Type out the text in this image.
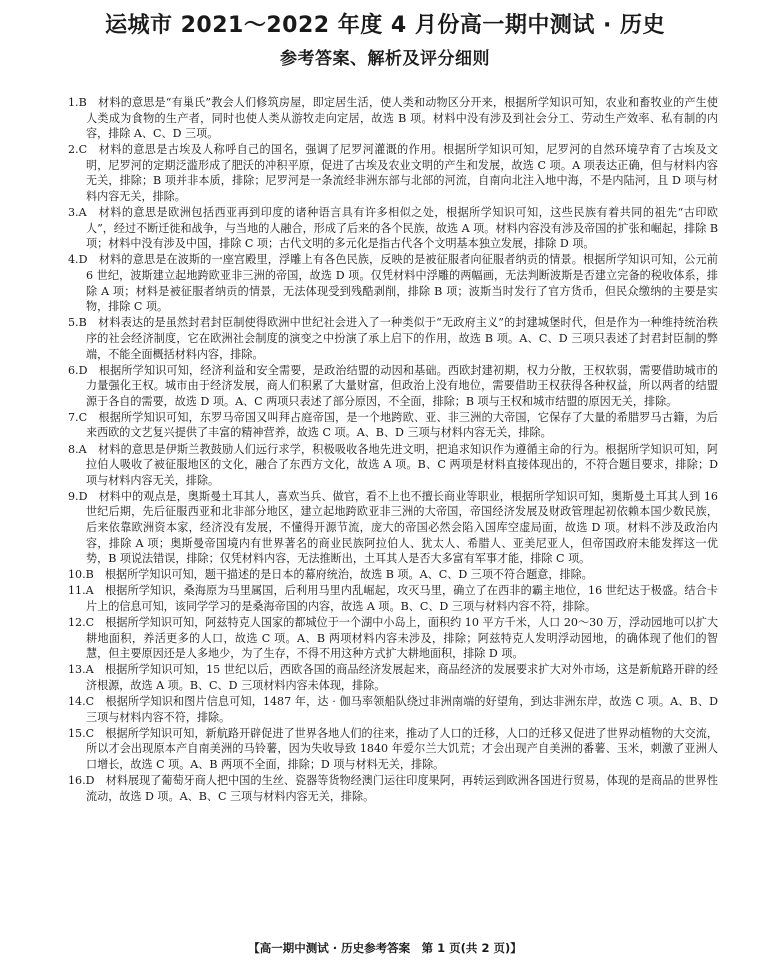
运城市 2021～2022 年度 4 月份高一期中测试 · 历史
参考答案、解析及评分细则

1.B　材料的意思是“有巢氏”教会人们修筑房屋，即定居生活，使人类和动物区分开来，根据所学知识可知，农业和畜牧业的产生使人类成为食物的生产者，同时也使人类从游牧走向定居，故选 B 项。材料中没有涉及到社会分工、劳动生产效率、私有制的内容，排除 A、C、D 三项。

2.C　材料的意思是古埃及人称呼自己的国名，强调了尼罗河灌溉的作用。根据所学知识可知，尼罗河的自然环境孕育了古埃及文明，尼罗河的定期泛滥形成了肥沃的冲积平原，促进了古埃及农业文明的产生和发展，故选 C 项。A 项表达正确，但与材料内容无关，排除；B 项并非本质，排除；尼罗河是一条流经非洲东部与北部的河流，自南向北注入地中海，不是内陆河，且 D 项与材料内容无关，排除。

3.A　材料的意思是欧洲包括西亚再到印度的诸种语言具有许多相似之处，根据所学知识可知，这些民族有着共同的祖先“古印欧人”，经过不断迁徙和战争，与当地的人融合，形成了后来的各个民族，故选 A 项。材料内容没有涉及帝国的扩张和崛起，排除 B 项；材料中没有涉及中国，排除 C 项；古代文明的多元化是指古代各个文明基本独立发展，排除 D 项。

4.D　材料的意思是在波斯的一座宫殿里，浮雕上有各色民族，反映的是被征服者向征服者纳贡的情景。根据所学知识可知，公元前 6 世纪，波斯建立起地跨欧亚非三洲的帝国，故选 D 项。仅凭材料中浮雕的两幅画，无法判断波斯是否建立完备的税收体系，排除 A 项；材料是被征服者纳贡的情景，无法体现受到残酷剥削，排除 B 项；波斯当时发行了官方货币，但民众缴纳的主要是实物，排除 C 项。

5.B　材料表达的是虽然封君封臣制使得欧洲中世纪社会进入了一种类似于“无政府主义”的封建城堡时代，但是作为一种维持统治秩序的社会经济制度，它在欧洲社会制度的演变之中扮演了承上启下的作用，故选 B 项。A、C、D 三项只表述了封君封臣制的弊端，不能全面概括材料内容，排除。

6.D　根据所学知识可知，经济利益和安全需要，是政治结盟的动因和基础。西欧封建初期，权力分散，王权软弱，需要借助城市的力量强化王权。城市由于经济发展，商人们积累了大量财富，但政治上没有地位，需要借助王权获得各种权益，所以两者的结盟源于各自的需要，故选 D 项。A、C 两项只表述了部分原因，不全面，排除；B 项与王权和城市结盟的原因无关，排除。

7.C　根据所学知识可知，东罗马帝国又叫拜占庭帝国，是一个地跨欧、亚、非三洲的大帝国，它保存了大量的希腊罗马古籍，为后来西欧的文艺复兴提供了丰富的精神营养，故选 C 项。A、B、D 三项与材料内容无关，排除。

8.A　材料的意思是伊斯兰教鼓励人们远行求学，积极吸收各地先进文明，把追求知识作为遵循主命的行为。根据所学知识可知，阿拉伯人吸收了被征服地区的文化，融合了东西方文化，故选 A 项。B、C 两项是材料直接体现出的，不符合题目要求，排除；D 项与材料内容无关，排除。

9.D　材料中的观点是，奥斯曼土耳其人，喜欢当兵、做官，看不上也不擅长商业等职业，根据所学知识可知，奥斯曼土耳其人到 16 世纪后期，先后征服西亚和北非部分地区，建立起地跨欧亚非三洲的大帝国，帝国经济发展及财政管理起初依赖本国少数民族，后来依靠欧洲资本家，经济没有发展，不懂得开源节流，庞大的帝国必然会陷入国库空虚局面，故选 D 项。材料不涉及政治内容，排除 A 项；奥斯曼帝国境内有世界著名的商业民族阿拉伯人、犹太人、希腊人、亚美尼亚人，但帝国政府未能发挥这一优势，B 项说法错误，排除；仅凭材料内容，无法推断出，土耳其人是否大多富有军事才能，排除 C 项。

10.B　根据所学知识可知，题干描述的是日本的幕府统治，故选 B 项。A、C、D 三项不符合题意，排除。

11.A　根据所学知识，桑海原为马里属国，后利用马里内乱崛起，攻灭马里，确立了在西非的霸主地位，16 世纪达于极盛。结合卡片上的信息可知，该同学学习的是桑海帝国的内容，故选 A 项。B、C、D 三项与材料内容不符，排除。

12.C　根据所学知识可知，阿兹特克人国家的都城位于一个湖中小岛上，面积约 10 平方千米，人口 20～30 万，浮动园地可以扩大耕地面积，养活更多的人口，故选 C 项。A、B 两项材料内容未涉及，排除；阿兹特克人发明浮动园地，的确体现了他们的智慧，但主要原因还是人多地少，为了生存，不得不用这种方式扩大耕地面积，排除 D 项。

13.A　根据所学知识可知，15 世纪以后，西欧各国的商品经济发展起来，商品经济的发展要求扩大对外市场，这是新航路开辟的经济根源，故选 A 项。B、C、D 三项材料内容未体现，排除。

14.C　根据所学知识和图片信息可知，1487 年，达 · 伽马率领船队绕过非洲南端的好望角，到达非洲东岸，故选 C 项。A、B、D 三项与材料内容不符，排除。

15.C　根据所学知识可知，新航路开辟促进了世界各地人们的往来，推动了人口的迁移，人口的迁移又促进了世界动植物的大交流，所以才会出现原本产自南美洲的马铃薯，因为失收导致 1840 年爱尔兰大饥荒；才会出现产自美洲的番薯、玉米，刺激了亚洲人口增长，故选 C 项。A、B 两项不全面，排除；D 项与材料无关，排除。

16.D　材料展现了葡萄牙商人把中国的生丝、瓷器等货物经澳门运往印度果阿，再转运到欧洲各国进行贸易，体现的是商品的世界性流动，故选 D 项。A、B、C 三项与材料内容无关，排除。

【高一期中测试 · 历史参考答案　第 1 页(共 2 页)】
